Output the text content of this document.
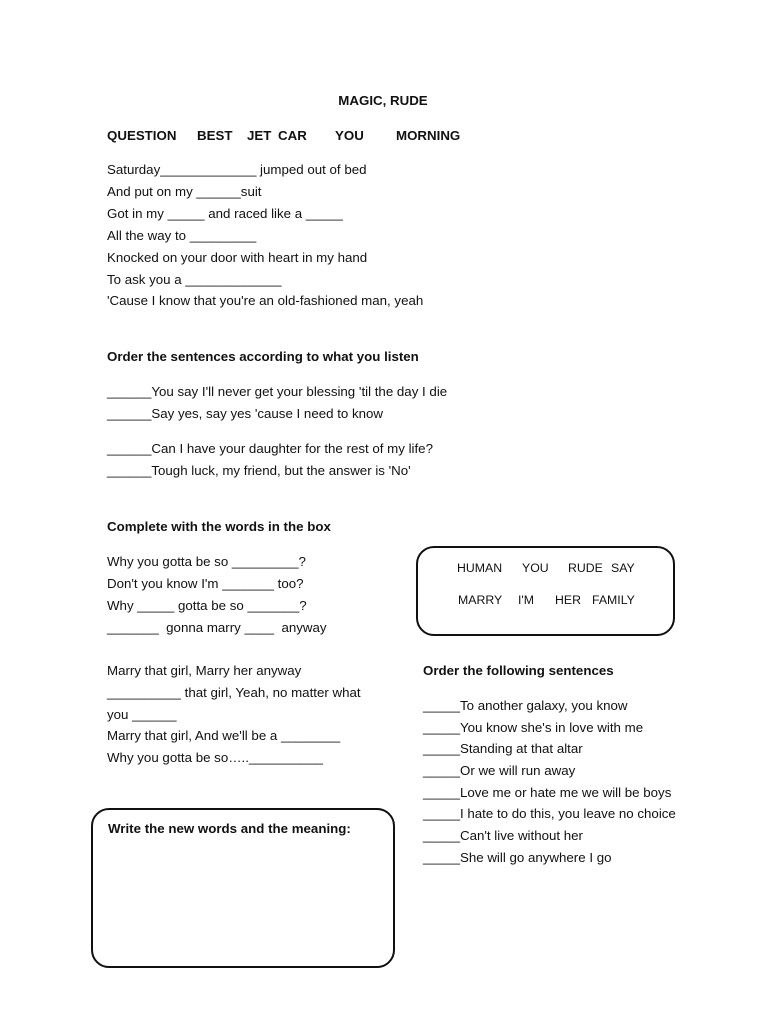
MAGIC, RUDE
QUESTION BEST JET CAR YOU MORNING
Saturday_____________ jumped out of bed
And put on my ______suit
Got in my _____ and raced like a _____
All the way to _________
Knocked on your door with heart in my hand
To ask you a _____________
'Cause I know that you're an old-fashioned man, yeah
Order the sentences according to what you listen
______You say I'll never get your blessing 'til the day I die
______Say yes, say yes 'cause I need to know
______Can I have your daughter for the rest of my life?
______Tough luck, my friend, but the answer is 'No'
Complete with the words in the box
Why you gotta be so _________?
Don't you know I'm _______ too?
Why _____ gotta be so _______?
_______  gonna marry ____  anyway
HUMAN YOU RUDE SAY
MARRY I'M HER FAMILY
Marry that girl, Marry her anyway
__________ that girl, Yeah, no matter what
you ______
Marry that girl, And we'll be a ________
Why you gotta be so…..__________
Order the following sentences
_____To another galaxy, you know
_____You know she's in love with me
_____Standing at that altar
_____Or we will run away
_____Love me or hate me we will be boys
_____I hate to do this, you leave no choice
_____Can't live without her
_____She will go anywhere I go
Write the new words and the meaning:
